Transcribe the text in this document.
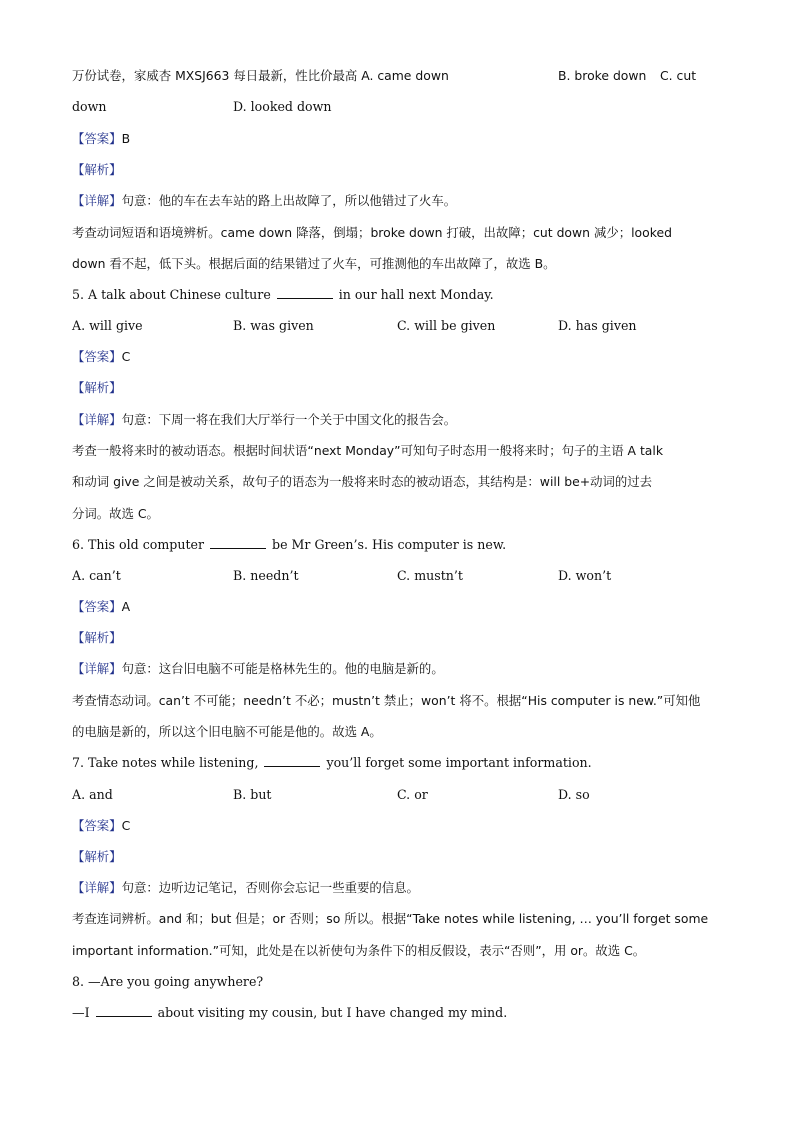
万份试卷，家威杏 MXSJ663 每日最新，性比价最高 A. came down	B. broke down C. cut
down	D. looked down
【答案】B
【解析】
【详解】句意：他的车在去车站的路上出故障了，所以他错过了火车。
考查动词短语和语境辨析。came down 降落，倒塌；broke down 打破，出故障；cut down 减少；looked
down 看不起，低下头。根据后面的结果错过了火车，可推测他的车出故障了，故选 B。
5. A talk about Chinese culture	in our hall next Monday.
A. will give	B. was given	C. will be given	D. has given
【答案】C
【解析】
【详解】句意：下周一将在我们大厅举行一个关于中国文化的报告会。
考查一般将来时的被动语态。根据时间状语“next Monday”可知句子时态用一般将来时；句子的主语 A talk
和动词 give 之间是被动关系，故句子的语态为一般将来时态的被动语态，其结构是：will be+动词的过去
分词。故选 C。
6. This old computer	be Mr Green’s. His computer is new.
A. can’t	B. needn’t	C. mustn’t	D. won’t
【答案】A
【解析】
【详解】句意：这台旧电脑不可能是格林先生的。他的电脑是新的。
考查情态动词。can’t 不可能；needn’t 不必；mustn’t 禁止；won’t 将不。根据“His computer is new.”可知他
的电脑是新的，所以这个旧电脑不可能是他的。故选 A。
7. Take notes while listening,	you’ll forget some important information.
A. and	B. but	C. or	D. so
【答案】C
【解析】
【详解】句意：边听边记笔记，否则你会忘记一些重要的信息。
考查连词辨析。and 和；but 但是；or 否则；so 所以。根据“Take notes while listening, … you’ll forget some
important information.”可知，此处是在以祈使句为条件下的相反假设，表示“否则”，用 or。故选 C。
8. —Are you going anywhere?
—I	about visiting my cousin, but I have changed my mind.
